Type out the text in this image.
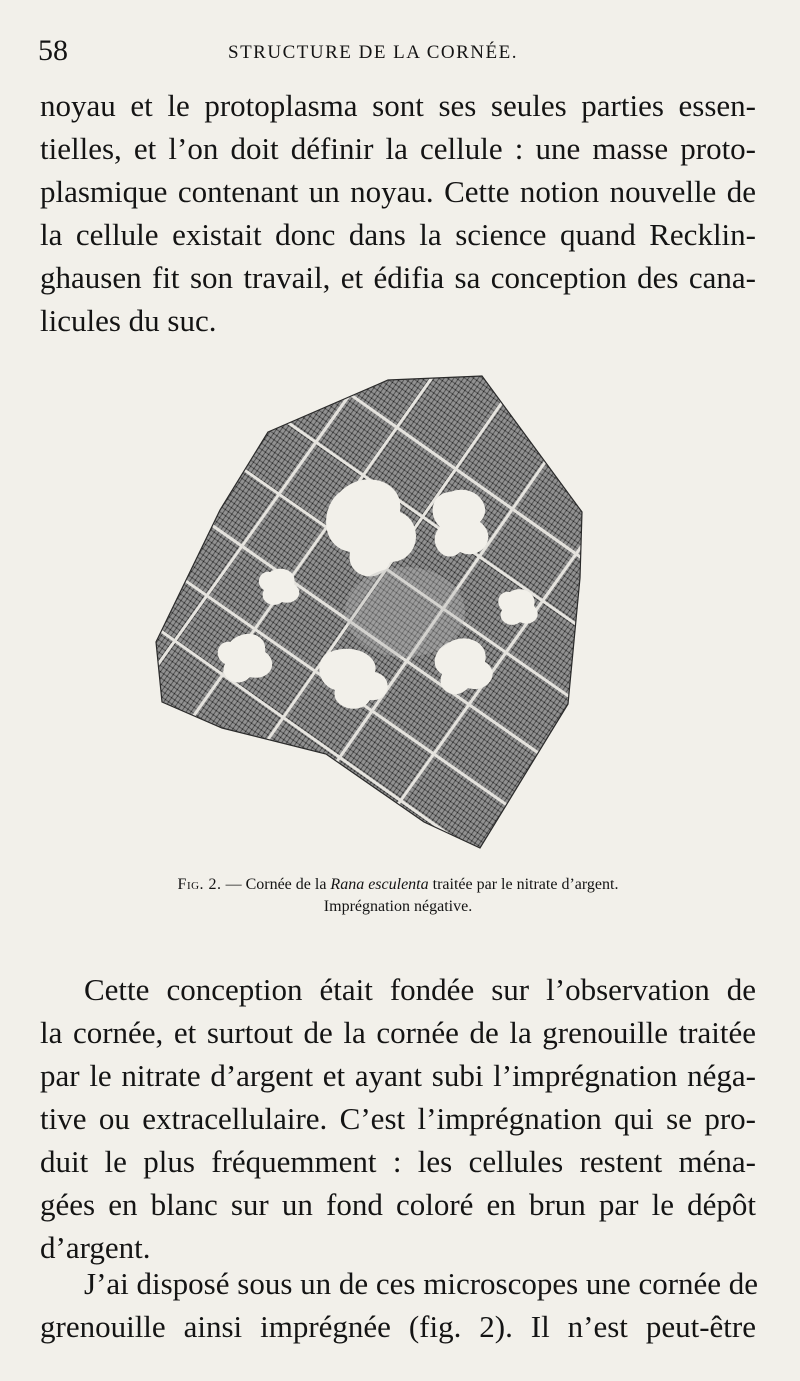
58	STRUCTURE DE LA CORNÉE.
noyau et le protoplasma sont ses seules parties essen-
tielles, et l’on doit définir la cellule : une masse proto-
plasmique contenant un noyau. Cette notion nouvelle de
la cellule existait donc dans la science quand Recklin-
ghausen fit son travail, et édifia sa conception des cana-
licules du suc.
Fig. 2. — Cornée de la Rana esculenta traitée par le nitrate d’argent.
Imprégnation négative.
Cette conception était fondée sur l’observation de
la cornée, et surtout de la cornée de la grenouille traitée
par le nitrate d’argent et ayant subi l’imprégnation néga-
tive ou extracellulaire. C’est l’imprégnation qui se pro-
duit le plus fréquemment : les cellules restent ména-
gées en blanc sur un fond coloré en brun par le dépôt
d’argent.
J’ai disposé sous un de ces microscopes une cornée de
grenouille ainsi imprégnée (fig. 2). Il n’est peut-être
